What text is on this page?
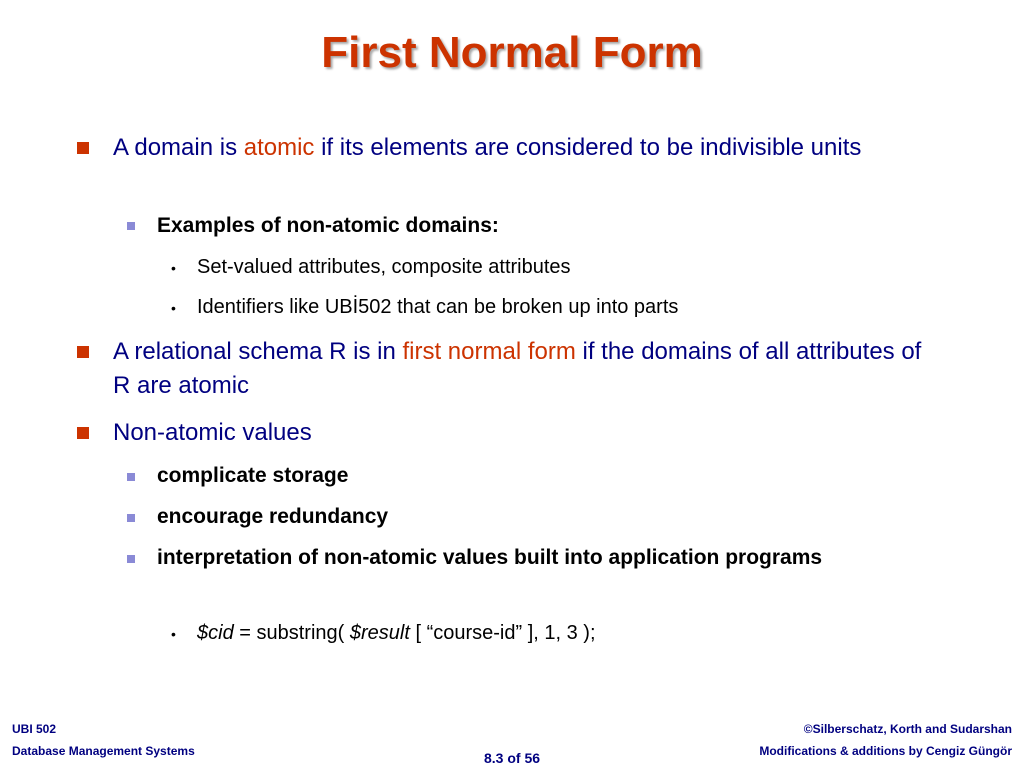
First Normal Form
A domain is atomic if its elements are considered to be indivisible units
Examples of non-atomic domains:
• Set-valued attributes, composite attributes
• Identifiers like UBİ502 that can be broken up into parts
A relational schema R is in first normal form if the domains of all attributes of R are atomic
Non-atomic values
complicate storage
encourage redundancy
interpretation of non-atomic values built into application programs
• $cid = substring( $result [ “course-id” ], 1, 3 );
UBI 502
Database Management Systems	8.3 of 56
©Silberschatz, Korth and Sudarshan
Modifications & additions by Cengiz Güngör
